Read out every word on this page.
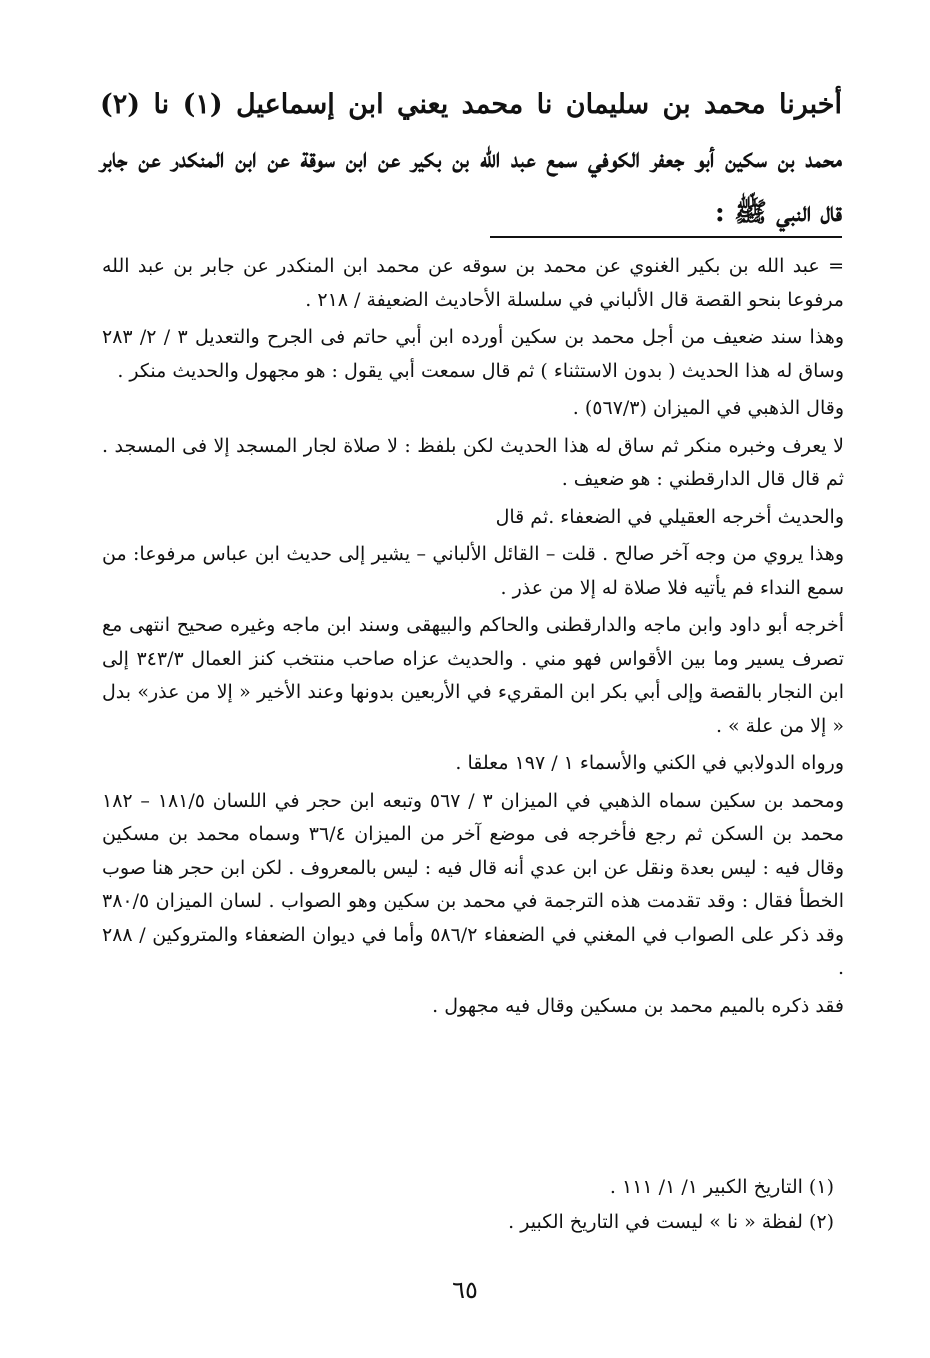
أخبرنا محمد بن سليمان نا محمد يعني ابن إسماعيل (١) نا (٢) محمد بن سكين أبو جعفر الكوفي سمع عبد الله بن بكير عن ابن سوقة عن ابن المنكدر عن جابر قال النبي ﷺ :

= عبد الله بن بكير الغنوي عن محمد بن سوقه عن محمد ابن المنكدر عن جابر بن عبد الله مرفوعا بنحو القصة قال الألباني في سلسلة الأحاديث الضعيفة / ٢١٨ .

وهذا سند ضعيف من أجل محمد بن سكين أورده ابن أبي حاتم فى الجرح والتعديل ٣ / ٢/ ٢٨٣ وساق له هذا الحديث ( بدون الاستثناء ) ثم قال سمعت أبي يقول : هو مجهول والحديث منكر .

وقال الذهبي في الميزان (٥٦٧/٣) .

لا يعرف وخبره منكر ثم ساق له هذا الحديث لكن بلفظ : لا صلاة لجار المسجد إلا فى المسجد . ثم قال قال الدارقطني : هو ضعيف .

والحديث أخرجه العقيلي في الضعفاء .ثم قال

وهذا يروي من وجه آخر صالح . قلت – القائل الألباني – يشير إلى حديث ابن عباس مرفوعا: من سمع النداء فم يأتيه فلا صلاة له إلا من عذر .

أخرجه أبو داود وابن ماجه والدارقطنى والحاكم والبيهقى وسند ابن ماجه وغيره صحيح انتهى مع تصرف يسير وما بين الأقواس فهو مني . والحديث عزاه صاحب منتخب كنز العمال ٣٤٣/٣ إلى ابن النجار بالقصة وإلى أبي بكر ابن المقريء في الأربعين بدونها وعند الأخير « إلا من عذر» بدل « إلا من علة » .

ورواه الدولابي في الكني والأسماء ١ / ١٩٧ معلقا .

ومحمد بن سكين سماه الذهبي في الميزان ٣ / ٥٦٧ وتبعه ابن حجر في اللسان ١٨١/٥ – ١٨٢ محمد بن السكن ثم رجع فأخرجه فى موضع آخر من الميزان ٣٦/٤ وسماه محمد بن مسكين وقال فيه : ليس بعدة ونقل عن ابن عدي أنه قال فيه : ليس بالمعروف . لكن ابن حجر هنا صوب الخطأ فقال : وقد تقدمت هذه الترجمة في محمد بن سكين وهو الصواب . لسان الميزان ٣٨٠/٥ وقد ذكر على الصواب في المغني في الضعفاء ٥٨٦/٢ وأما في ديوان الضعفاء والمتروكين / ٢٨٨ .

فقد ذكره بالميم محمد بن مسكين وقال فيه مجهول .

(١) التاريخ الكبير ١/ ١/ ١١١ .

(٢) لفظة « نا » ليست في التاريخ الكبير .

٦٥
